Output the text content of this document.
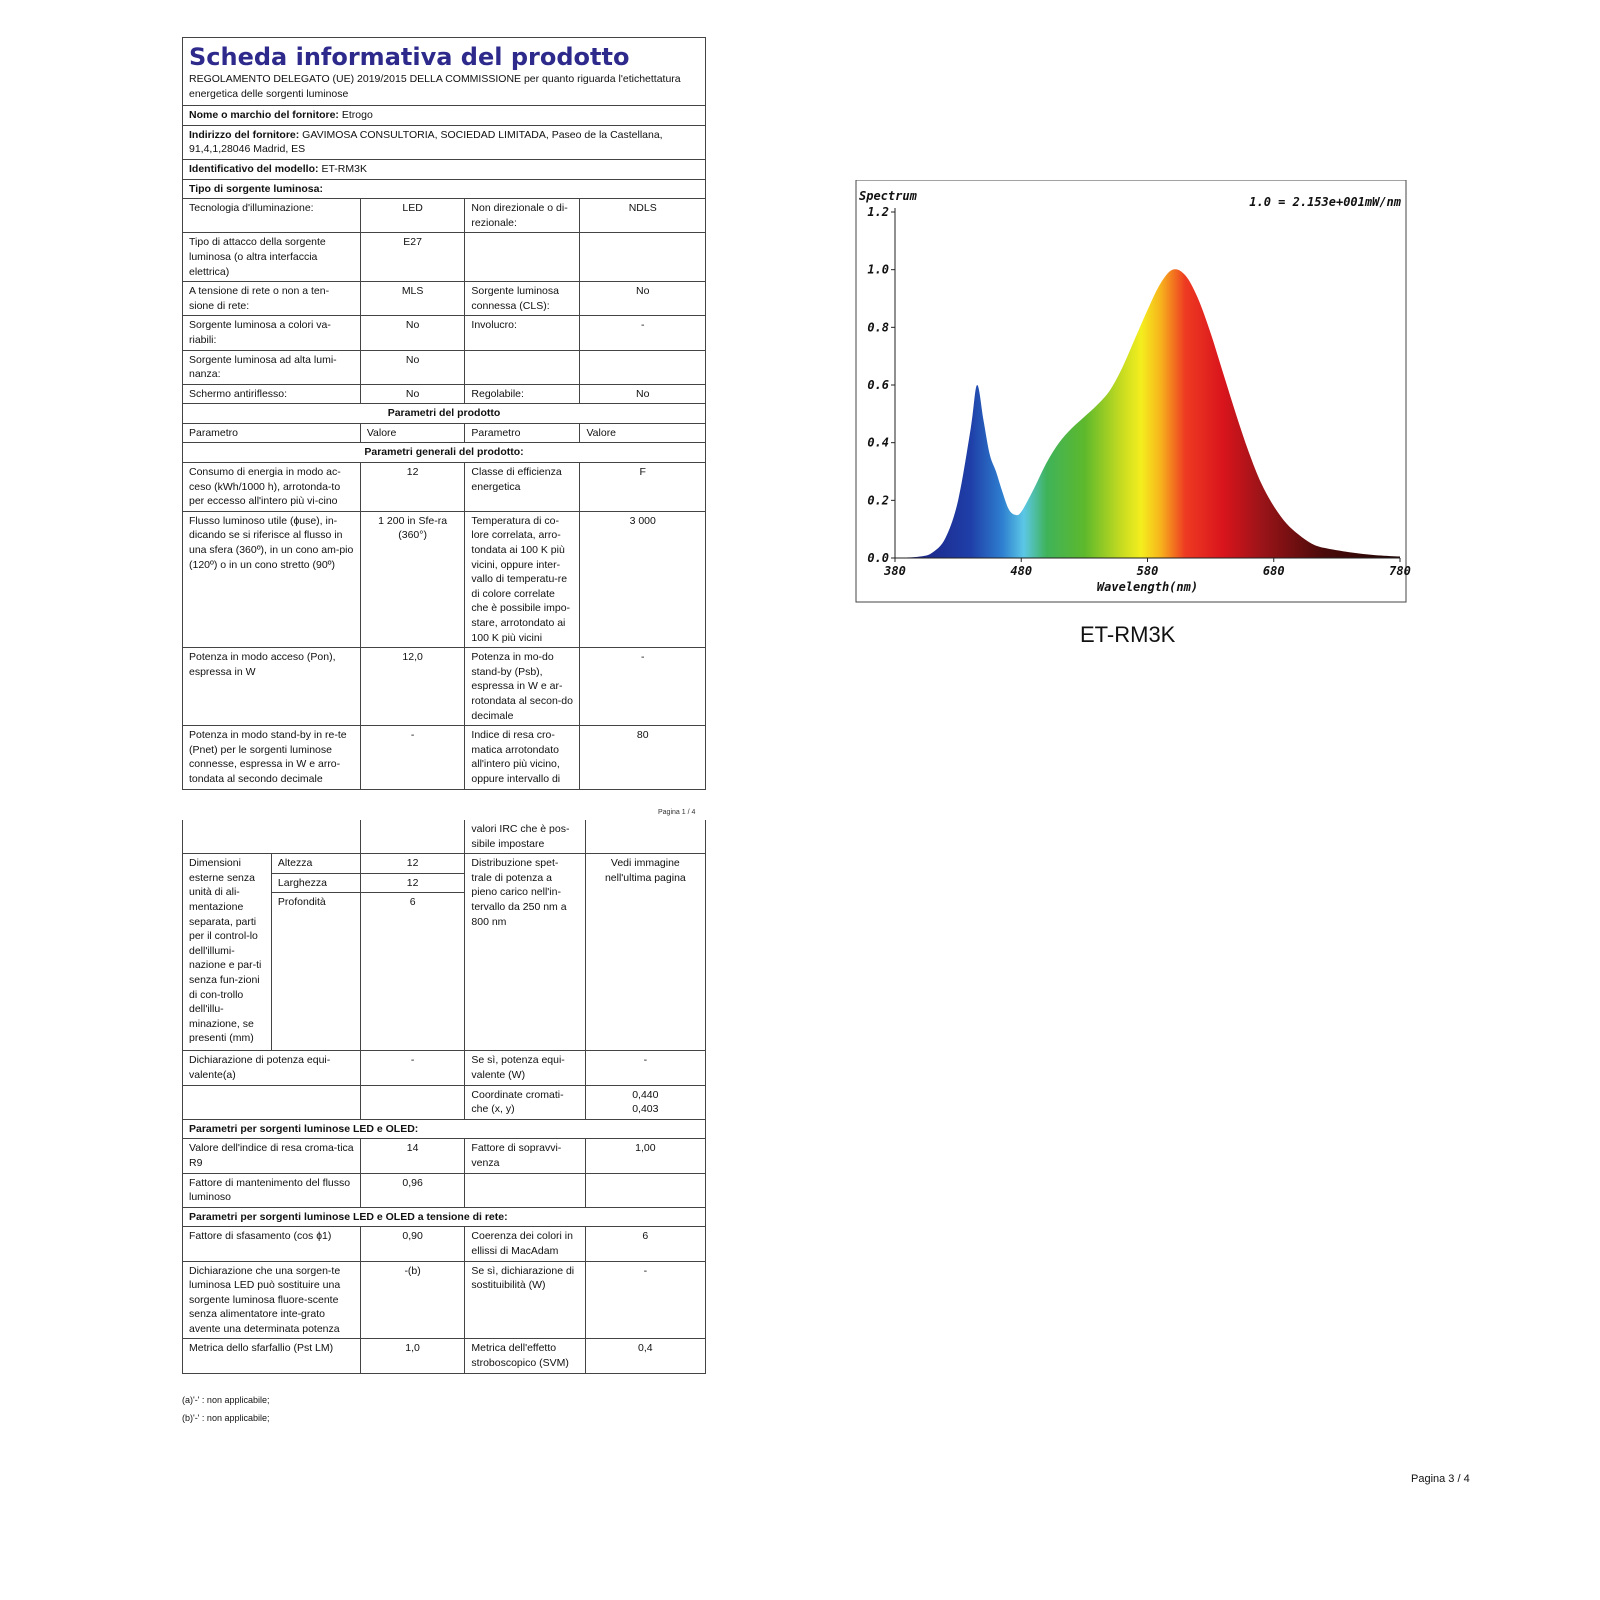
Scheda informativa del prodotto
REGOLAMENTO DELEGATO (UE) 2019/2015 DELLA COMMISSIONE per quanto riguarda l'etichettatura energetica delle sorgenti luminose
Nome o marchio del fornitore: Etrogo			
Indirizzo del fornitore: GAVIMOSA CONSULTORIA, SOCIEDAD LIMITADA, Paseo de la Castellana, 91,4,1,28046 Madrid, ES			
Identificativo del modello: ET-RM3K			
Tipo di sorgente luminosa:			
Tecnologia d'illuminazione:	LED	Non direzionale o di-rezionale:	NDLS
Tipo di attacco della sorgente luminosa (o altra interfaccia elettrica)	E27		
A tensione di rete o non a ten-sione di rete:	MLS	Sorgente luminosa connessa (CLS):	No
Sorgente luminosa a colori va-riabili:	No	Involucro:	-
Sorgente luminosa ad alta lumi-nanza:	No		
Schermo antiriflesso:	No	Regolabile:	No
Parametri del prodotto			
Parametro	Valore	Parametro	Valore
Parametri generali del prodotto:			
Consumo di energia in modo ac-ceso (kWh/1000 h), arrotonda-to per eccesso all'intero più vi-cino	12	Classe di efficienza energetica	F
Flusso luminoso utile (ɸuse), in-dicando se si riferisce al flusso in una sfera (360º), in un cono am-pio (120º) o in un cono stretto (90º)	1 200 in Sfe-ra (360°)	Temperatura di co-lore correlata, arro-tondata ai 100 K più vicini, oppure inter-vallo di temperatu-re di colore correlate che è possibile impo-stare, arrotondato ai 100 K più vicini	3 000
Potenza in modo acceso (Pon), espressa in W	12,0	Potenza in mo-do stand-by (Psb), espressa in W e ar-rotondata al secon-do decimale	-
Potenza in modo stand-by in re-te (Pnet) per le sorgenti luminose connesse, espressa in W e arro-tondata al secondo decimale	-	Indice di resa cro-matica arrotondato all'intero più vicino, oppure intervallo di	80
Pagina 1 / 4
			valori IRC che è pos-sibile impostare	
Dimensioni esterne senza unità di ali-mentazione separata, parti per il control-lo dell'illumi-nazione e par-ti senza fun-zioni di con-trollo dell'illu-minazione, se presenti (mm)	Altezza	12	Distribuzione spet-trale di potenza a pieno carico nell'in-tervallo da 250 nm a 800 nm	Vedi immagine nell'ultima pagina
	Larghezza	12		
	Profondità	6		
Dichiarazione di potenza equi-valente(a)		-	Se sì, potenza equi-valente (W)	-
			Coordinate cromati-che (x, y)	0,440
0,403
Parametri per sorgenti luminose LED e OLED:				
Valore dell'indice di resa croma-tica R9		14	Fattore di sopravvi-venza	1,00
Fattore di mantenimento del flusso luminoso		0,96		
Parametri per sorgenti luminose LED e OLED a tensione di rete:				
Fattore di sfasamento (cos ɸ1)		0,90	Coerenza dei colori in ellissi di MacAdam	6
Dichiarazione che una sorgen-te luminosa LED può sostituire una sorgente luminosa fluore-scente senza alimentatore inte-grato avente una determinata potenza		-(b)	Se sì, dichiarazione di sostituibilità (W)	-
Metrica dello sfarfallio (Pst LM)		1,0	Metrica dell'effetto stroboscopico (SVM)	0,4
(a)'-' : non applicabile;
(b)'-' : non applicabile;
Pagina 3 / 4
0.0
0.2
0.4
0.6
0.8
1.0
1.2
380	480	580	680	780
Spectrum	1.0 = 2.153e+001mW/nm
Wavelength(nm)
ET-RM3K
